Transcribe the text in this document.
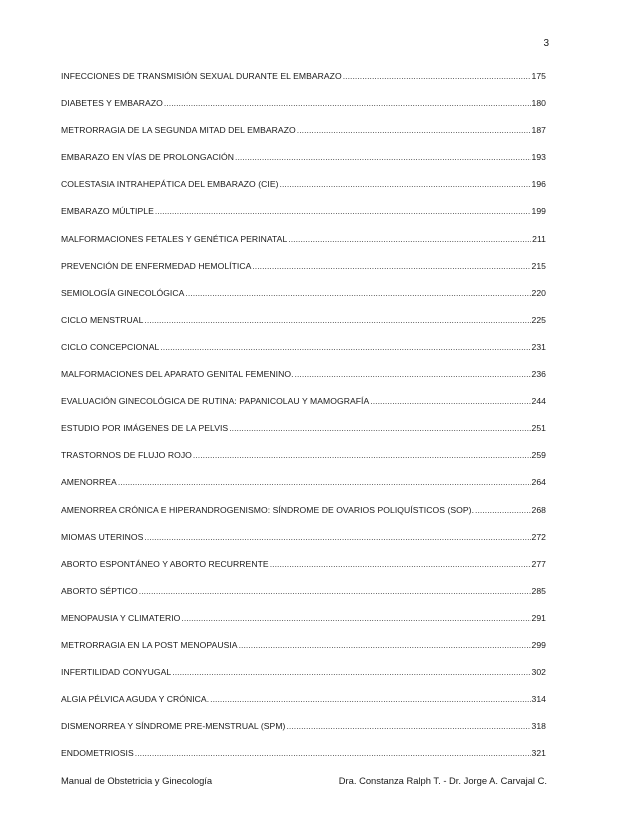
3
INFECCIONES DE TRANSMISIÓN SEXUAL DURANTE EL EMBARAZO .....	175
DIABETES Y EMBARAZO .....	180
METRORRAGIA DE LA SEGUNDA MITAD DEL EMBARAZO .....	187
EMBARAZO EN VÍAS DE PROLONGACIÓN .....	193
COLESTASIA INTRAHEPÁTICA DEL EMBARAZO (CIE) .....	196
EMBARAZO MÚLTIPLE .....	199
MALFORMACIONES FETALES Y GENÉTICA PERINATAL .....	211
PREVENCIÓN DE ENFERMEDAD HEMOLÍTICA .....	215
SEMIOLOGÍA GINECOLÓGICA .....	220
CICLO MENSTRUAL .....	225
CICLO CONCEPCIONAL .....	231
MALFORMACIONES DEL APARATO GENITAL FEMENINO. .....	236
EVALUACIÓN GINECOLÓGICA DE RUTINA: PAPANICOLAU Y MAMOGRAFÍA .....	244
ESTUDIO POR IMÁGENES DE LA PELVIS .....	251
TRASTORNOS DE FLUJO ROJO .....	259
AMENORREA .....	264
AMENORREA CRÓNICA E HIPERANDROGENISMO: SÍNDROME DE OVARIOS POLIQUÍSTICOS (SOP). .....	268
MIOMAS UTERINOS .....	272
ABORTO ESPONTÁNEO Y ABORTO RECURRENTE .....	277
ABORTO SÉPTICO .....	285
MENOPAUSIA Y CLIMATERIO .....	291
METRORRAGIA EN LA POST MENOPAUSIA .....	299
INFERTILIDAD CONYUGAL .....	302
ALGIA PÉLVICA AGUDA Y CRÓNICA. .....	314
DISMENORREA Y SÍNDROME PRE-MENSTRUAL (SPM) .....	318
ENDOMETRIOSIS .....	321
Manual de Obstetricia y Ginecología	Dra. Constanza Ralph T. - Dr. Jorge A. Carvajal C.
